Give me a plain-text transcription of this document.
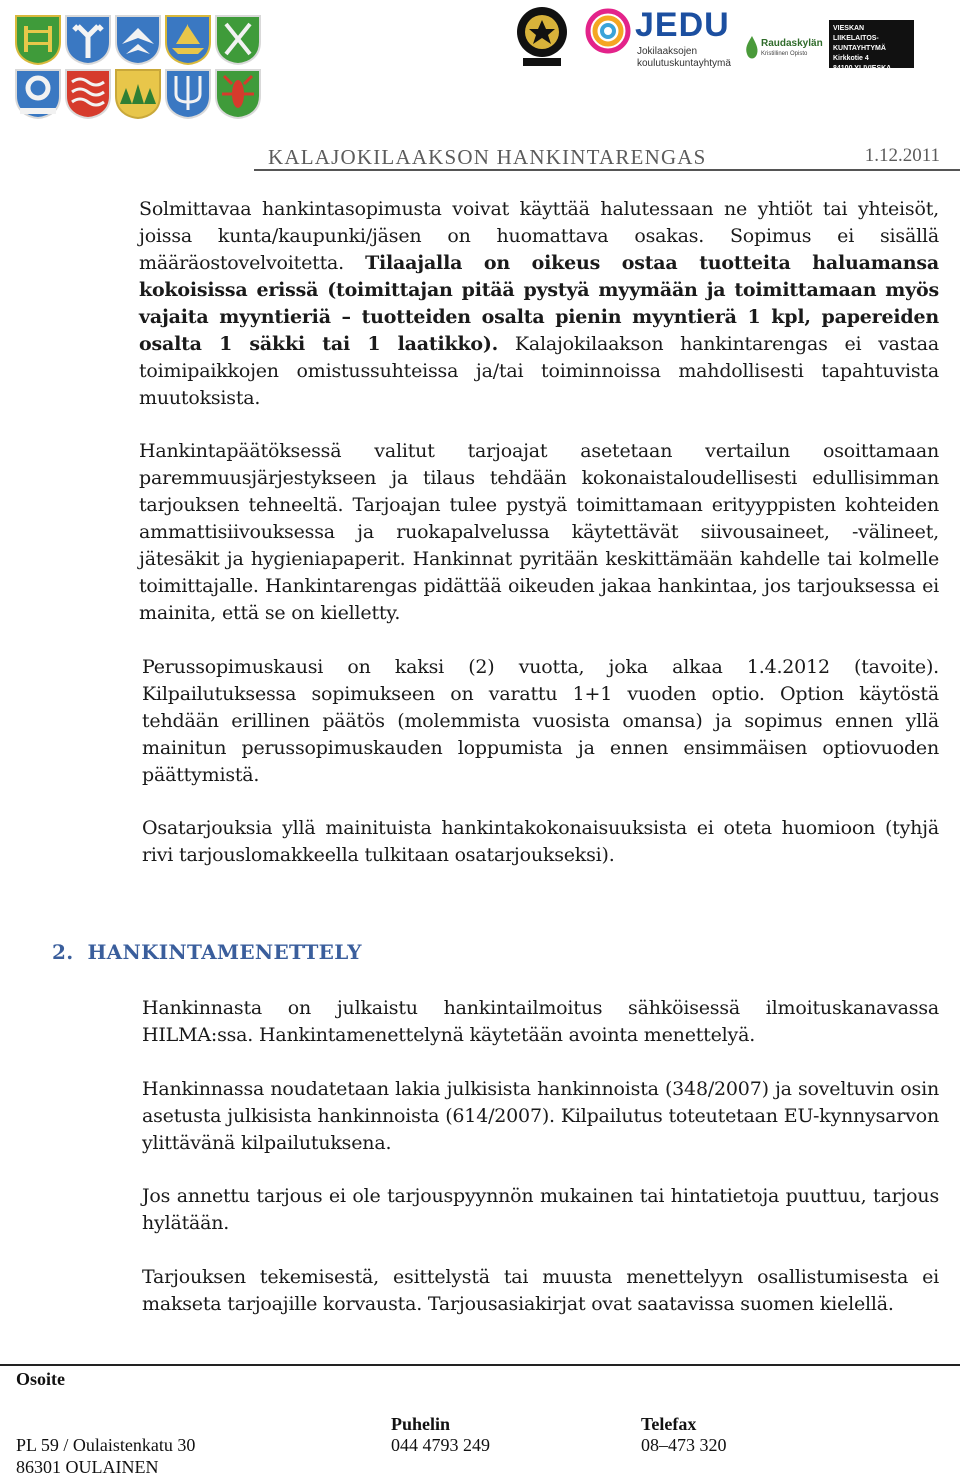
JEDU
Jokilaaksojen
koulutuskuntayhtymä
Raudaskylän
Kristillinen Opisto
VIESKAN LIIKELAITOS-
KUNTAYHTYMÄ
Kirkkotie 4
84100 YLIVIESKA
KALAJOKILAAKSON HANKINTARENGAS	1.12.2011

Solmittavaa hankintasopimusta voivat käyttää halutessaan ne yhtiöt tai yhteisöt, joissa kunta/kaupunki/jäsen on huomattava osakas. Sopimus ei sisällä määräostovelvoitetta. Tilaajalla on oikeus ostaa tuotteita haluamansa kokoisissa erissä (toimittajan pitää pystyä myymään ja toimittamaan myös vajaita myyntieriä – tuotteiden osalta pienin myyntierä 1 kpl, papereiden osalta 1 säkki tai 1 laatikko). Kalajokilaakson hankintarengas ei vastaa toimipaikkojen omistussuhteissa ja/tai toiminnoissa mahdollisesti tapahtuvista muutoksista.

Hankintapäätöksessä valitut tarjoajat asetetaan vertailun osoittamaan paremmuusjärjestykseen ja tilaus tehdään kokonaistaloudellisesti edullisimman tarjouksen tehneeltä. Tarjoajan tulee pystyä toimittamaan erityyppisten kohteiden ammattisiivouksessa ja ruokapalvelussa käytettävät siivousaineet, -välineet, jätesäkit ja hygieniapaperit. Hankinnat pyritään keskittämään kahdelle tai kolmelle toimittajalle. Hankintarengas pidättää oikeuden jakaa hankintaa, jos tarjouksessa ei mainita, että se on kielletty.

Perussopimuskausi on kaksi (2) vuotta, joka alkaa 1.4.2012 (tavoite). Kilpailutuksessa sopimukseen on varattu 1+1 vuoden optio. Option käytöstä tehdään erillinen päätös (molemmista vuosista omansa) ja sopimus ennen yllä mainitun perussopimuskauden loppumista ja ennen ensimmäisen optiovuoden päättymistä.

Osatarjouksia yllä mainituista hankintakokonaisuuksista ei oteta huomioon (tyhjä rivi tarjouslomakkeella tulkitaan osatarjoukseksi).

2. HANKINTAMENETTELY

Hankinnasta on julkaistu hankintailmoitus sähköisessä ilmoituskanavassa HILMA:ssa. Hankintamenettelynä käytetään avointa menettelyä.

Hankinnassa noudatetaan lakia julkisista hankinnoista (348/2007) ja soveltuvin osin asetusta julkisista hankinnoista (614/2007). Kilpailutus toteutetaan EU-kynnysarvon ylittävänä kilpailutuksena.

Jos annettu tarjous ei ole tarjouspyynnön mukainen tai hintatietoja puuttuu, tarjous hylätään.

Tarjouksen tekemisestä, esittelystä tai muusta menettelyyn osallistumisesta ei makseta tarjoajille korvausta. Tarjousasiakirjat ovat saatavissa suomen kielellä.

Osoite
PL 59 / Oulaistenkatu 30
86301 OULAINEN
Puhelin
044 4793 249
Telefax
08–473 320
